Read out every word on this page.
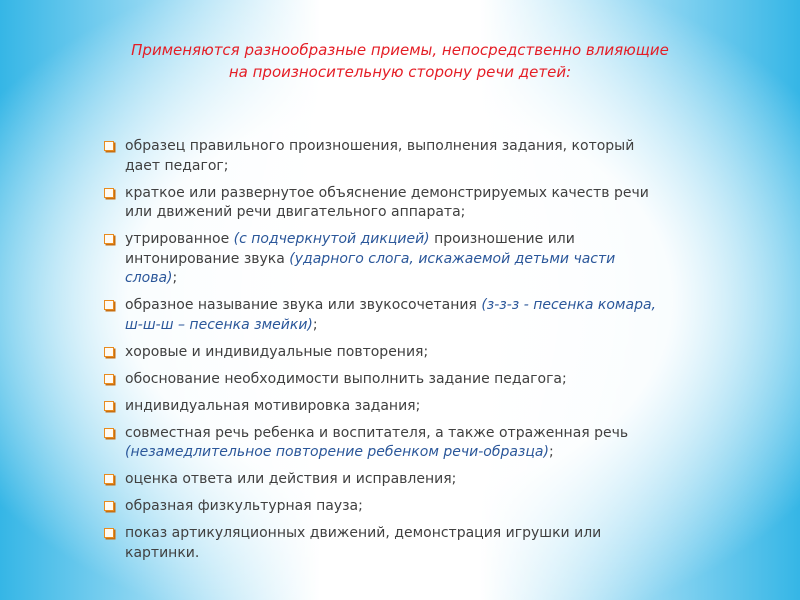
Применяются разнообразные приемы, непосредственно влияющие
на произносительную сторону речи детей:
образец правильного произношения, выполнения задания, который дает педагог;
краткое или развернутое объяснение демонстрируемых качеств речи или движений речи двигательного аппарата;
утрированное (с подчеркнутой дикцией) произношение или интонирование звука (ударного слога, искажаемой детьми части слова);
образное называние звука или звукосочетания (з-з-з - песенка комара, ш-ш-ш – песенка змейки);
хоровые и индивидуальные повторения;
обоснование необходимости выполнить задание педагога;
индивидуальная мотивировка задания;
совместная речь ребенка и воспитателя, а также отраженная речь (незамедлительное повторение ребенком речи-образца);
оценка ответа или действия и исправления;
образная физкультурная пауза;
показ артикуляционных движений, демонстрация игрушки или картинки.
